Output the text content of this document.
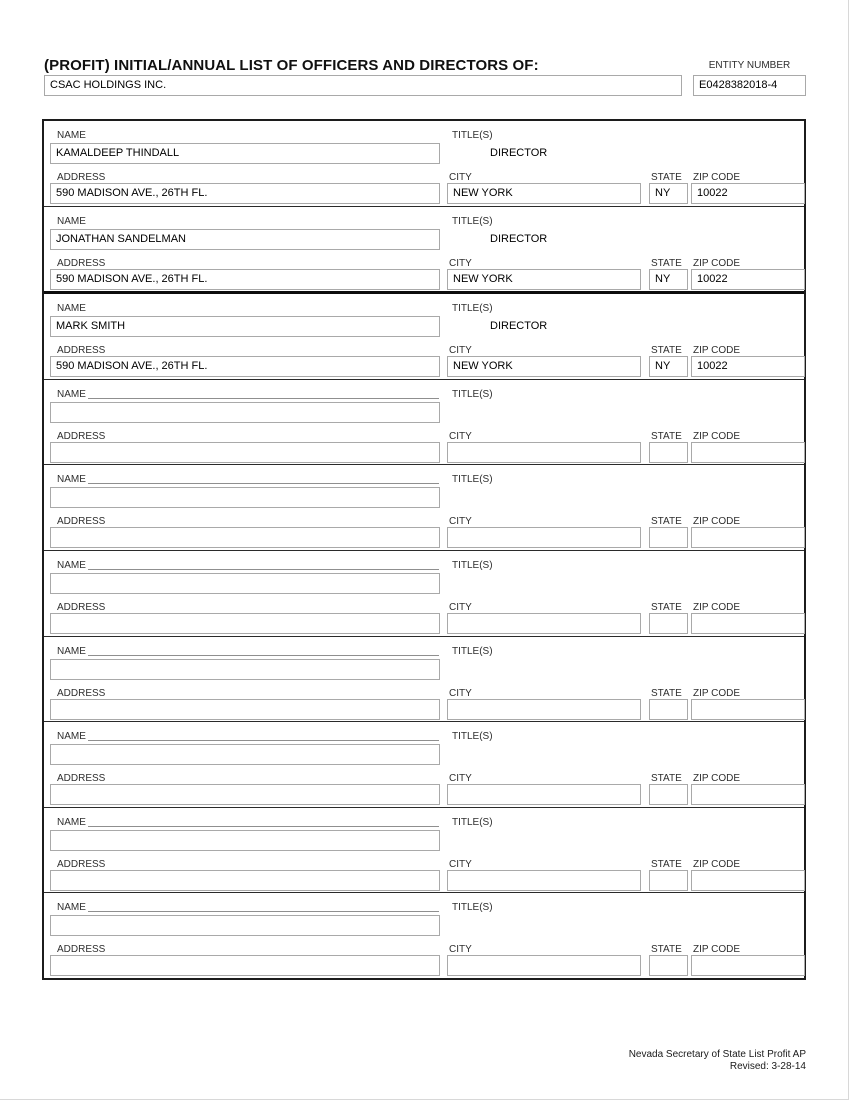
(PROFIT) INITIAL/ANNUAL LIST OF OFFICERS AND DIRECTORS OF:	ENTITY NUMBER
CSAC HOLDINGS INC.	E0428382018-4
NAME
KAMALDEEP THINDALL
TITLE(S)
DIRECTOR
ADDRESS
590 MADISON AVE., 26TH FL.
CITY
NEW YORK
STATE
NY
ZIP CODE
10022
NAME
JONATHAN SANDELMAN
TITLE(S)
DIRECTOR
ADDRESS
590 MADISON AVE., 26TH FL.
CITY
NEW YORK
STATE
NY
ZIP CODE
10022
NAME
MARK SMITH
TITLE(S)
DIRECTOR
ADDRESS
590 MADISON AVE., 26TH FL.
CITY
NEW YORK
STATE
NY
ZIP CODE
10022
NAME	TITLE(S)
ADDRESS	CITY	STATE ZIP CODE
NAME	TITLE(S)
ADDRESS	CITY	STATE ZIP CODE
NAME	TITLE(S)
ADDRESS	CITY	STATE ZIP CODE
NAME	TITLE(S)
ADDRESS	CITY	STATE ZIP CODE
NAME	TITLE(S)
ADDRESS	CITY	STATE ZIP CODE
NAME	TITLE(S)
ADDRESS	CITY	STATE ZIP CODE
NAME	TITLE(S)
ADDRESS	CITY	STATE ZIP CODE
Nevada Secretary of State List Profit AP
Revised: 3-28-14
